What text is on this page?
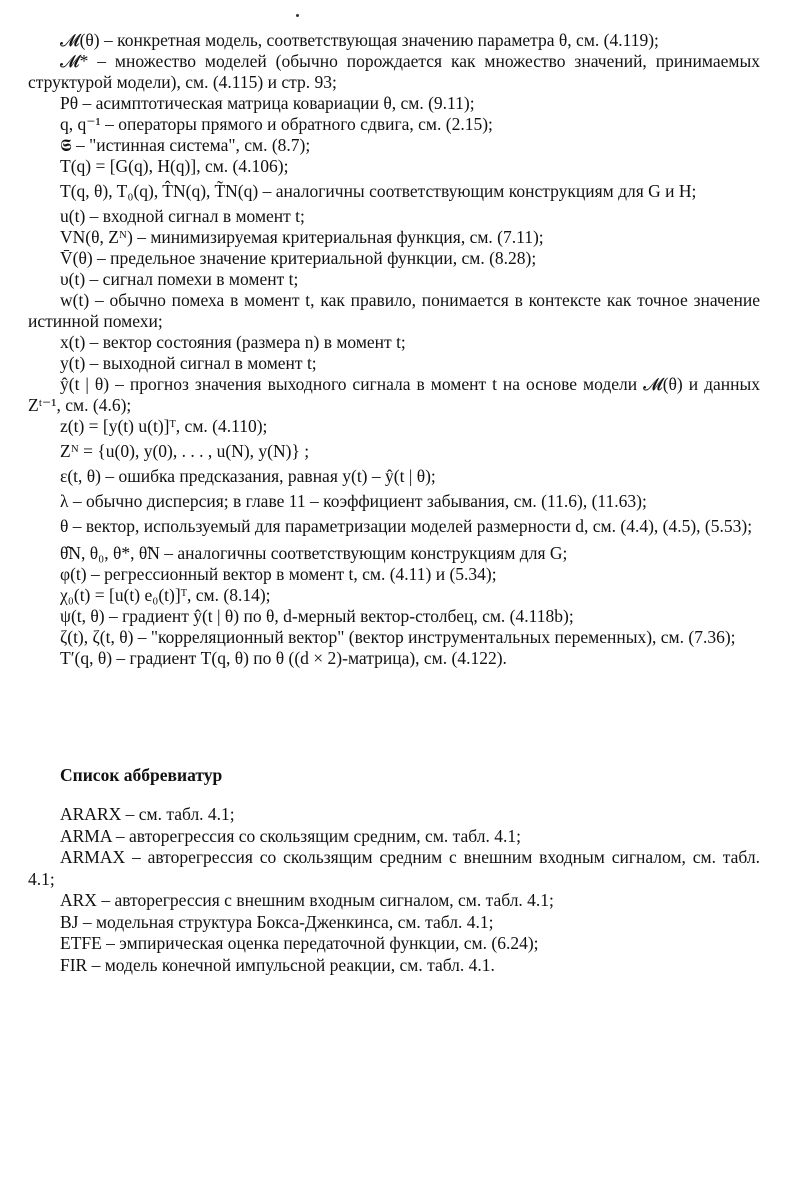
𝓜(θ) – конкретная модель, соответствующая значению параметра θ, см. (4.119);

𝓜* – множество моделей (обычно порождается как множество значений, принимаемых структурой модели), см. (4.115) и стр. 93;

Pθ – асимптотическая матрица ковариации θ, см. (9.11);

q, q⁻¹ – операторы прямого и обратного сдвига, см. (2.15);

𝕾 – "истинная система", см. (8.7);

T(q) = [G(q), H(q)], см. (4.106);

T(q, θ), T₀(q), T̂N(q), T̃N(q) – аналогичны соответствующим конструкциям для G и H;

u(t) – входной сигнал в момент t;

VN(θ, Zᴺ) – минимизируемая критериальная функция, см. (7.11);

V̄(θ) – предельное значение критериальной функции, см. (8.28);

υ(t) – сигнал помехи в момент t;

w(t) – обычно помеха в момент t, как правило, понимается в контексте как точное значение истинной помехи;

x(t) – вектор состояния (размера n) в момент t;

y(t) – выходной сигнал в момент t;

ŷ(t | θ) – прогноз значения выходного сигнала в момент t на основе модели 𝓜(θ) и данных Zᵗ⁻¹, см. (4.6);

z(t) = [y(t) u(t)]ᵀ, см. (4.110);

Zᴺ = {u(0), y(0), . . . , u(N), y(N)} ;

ε(t, θ) – ошибка предсказания, равная y(t) – ŷ(t | θ);

λ – обычно дисперсия; в главе 11 – коэффициент забывания, см. (11.6), (11.63);

θ – вектор, используемый для параметризации моделей размерности d, см. (4.4), (4.5), (5.53);

θ̂N, θ₀, θ*, θ̃N – аналогичны соответствующим конструкциям для G;

φ(t) – регрессионный вектор в момент t, см. (4.11) и (5.34);

χ₀(t) = [u(t) e₀(t)]ᵀ, см. (8.14);

ψ(t, θ) – градиент ŷ(t | θ) по θ, d-мерный вектор-столбец, см. (4.118b);

ζ(t), ζ(t, θ) – "корреляционный вектор" (вектор инструментальных переменных), см. (7.36);

T′(q, θ) – градиент T(q, θ) по θ ((d × 2)-матрица), см. (4.122).

Список аббревиатур

ARARX – см. табл. 4.1;

ARMA – авторегрессия со скользящим средним, см. табл. 4.1;

ARMAX – авторегрессия со скользящим средним с внешним входным сигналом, см. табл. 4.1;

ARX – авторегрессия с внешним входным сигналом, см. табл. 4.1;

BJ – модельная структура Бокса-Дженкинса, см. табл. 4.1;

ETFE – эмпирическая оценка передаточной функции, см. (6.24);

FIR – модель конечной импульсной реакции, см. табл. 4.1.
